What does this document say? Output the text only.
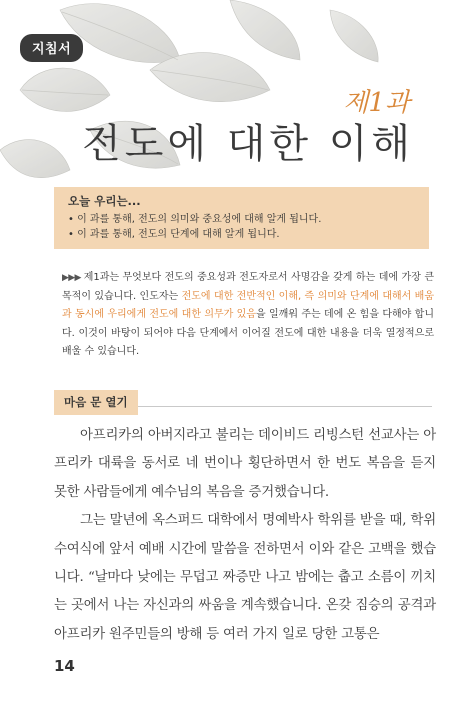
지침서
제1과
전도에 대한 이해
오늘 우리는...
• 이 과를 통해, 전도의 의미와 중요성에 대해 알게 됩니다.
• 이 과를 통해, 전도의 단계에 대해 알게 됩니다.
▶▶▶ 제1과는 무엇보다 전도의 중요성과 전도자로서 사명감을 갖게 하는 데에 가장 큰 목적이 있습니다. 인도자는 전도에 대한 전반적인 이해, 즉 의미와 단계에 대해서 배움과 동시에 우리에게 전도에 대한 의무가 있음을 일깨워 주는 데에 온 힘을 다해야 합니다. 이것이 바탕이 되어야 다음 단계에서 이어질 전도에 대한 내용을 더욱 열정적으로 배울 수 있습니다.
마음 문 열기

아프리카의 아버지라고 불리는 데이비드 리빙스턴 선교사는 아프리카 대륙을 동서로 네 번이나 횡단하면서 한 번도 복음을 듣지 못한 사람들에게 예수님의 복음을 증거했습니다.

그는 말년에 옥스퍼드 대학에서 명예박사 학위를 받을 때, 학위 수여식에 앞서 예배 시간에 말씀을 전하면서 이와 같은 고백을 했습니다. “날마다 낮에는 무덥고 짜증만 나고 밤에는 춥고 소름이 끼치는 곳에서 나는 자신과의 싸움을 계속했습니다. 온갖 짐승의 공격과 아프리카 원주민들의 방해 등 여러 가지 일로 당한 고통은

14
